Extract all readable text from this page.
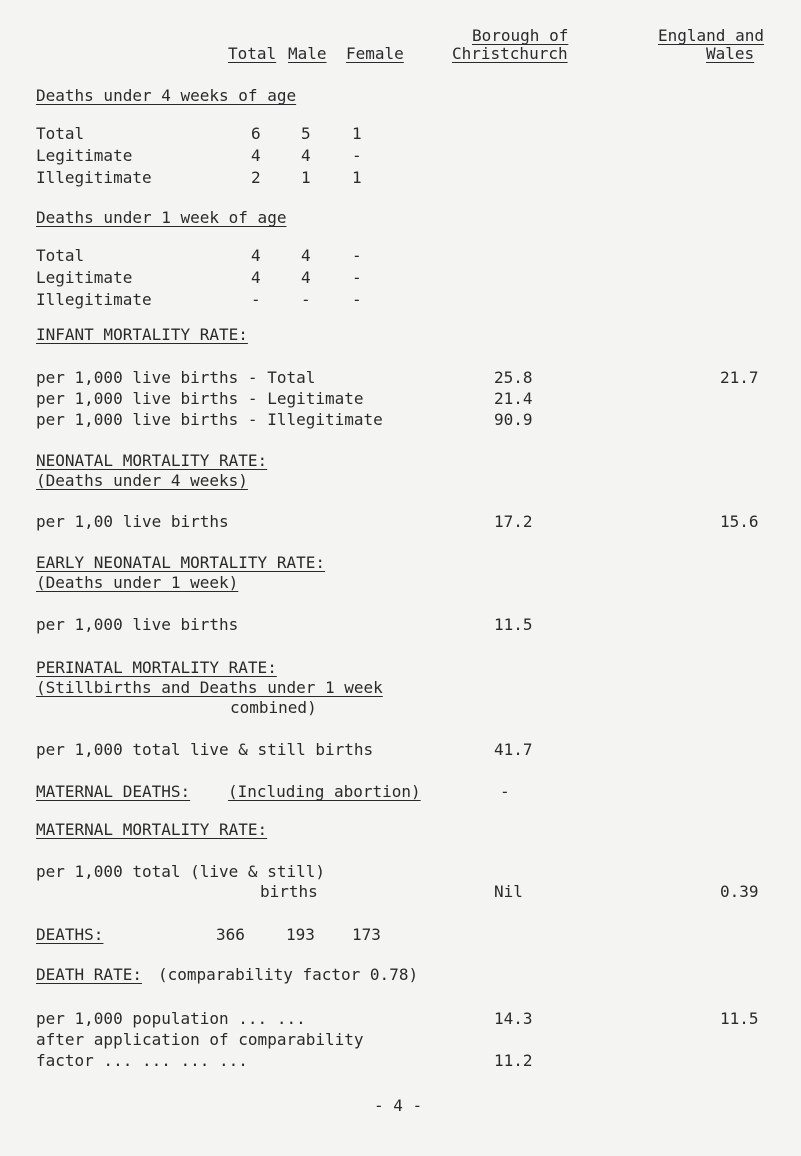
Total Male Female
Borough of
Christchurch
England and
Wales
Deaths under 4 weeks of age
Total	6	5	1
Legitimate	4	4	-
Illegitimate	2	1	1
Deaths under 1 week of age
Total	4	4	-
Legitimate	4	4	-
Illegitimate	-	-	-
INFANT MORTALITY RATE:
per 1,000 live births - Total	25.8	21.7
per 1,000 live births - Legitimate	21.4
per 1,000 live births - Illegitimate	90.9
NEONATAL MORTALITY RATE:
(Deaths under 4 weeks)
per 1,00 live births	17.2	15.6
EARLY NEONATAL MORTALITY RATE:
(Deaths under 1 week)
per 1,000 live births	11.5
PERINATAL MORTALITY RATE:
(Stillbirths and Deaths under 1 week
combined)
per 1,000 total live & still births	41.7
MATERNAL DEATHS: (Including abortion)	-
MATERNAL MORTALITY RATE:
per 1,000 total (live & still)
births	Nil	0.39
DEATHS:	366	193 173
DEATH RATE: (comparability factor 0.78)
per 1,000 population ... ...	14.3	11.5
after application of comparability
factor ... ... ... ...	11.2
- 4 -
